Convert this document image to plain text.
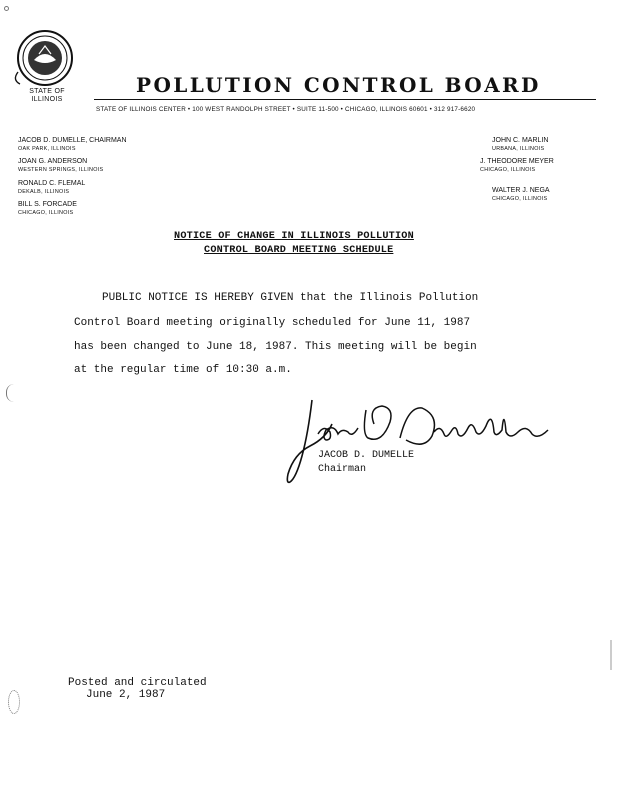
STATE OF ILLINOIS
POLLUTION CONTROL BOARD
STATE OF ILLINOIS CENTER • 100 WEST RANDOLPH STREET • SUITE 11-500 • CHICAGO, ILLINOIS 60601 • 312 917-6620
JACOB D. DUMELLE, CHAIRMAN
OAK PARK, ILLINOIS
JOAN G. ANDERSON
WESTERN SPRINGS, ILLINOIS
RONALD C. FLEMAL
DEKALB, ILLINOIS
BILL S. FORCADE
CHICAGO, ILLINOIS
JOHN C. MARLIN
URBANA, ILLINOIS
J. THEODORE MEYER
CHICAGO, ILLINOIS
WALTER J. NEGA
CHICAGO, ILLINOIS
NOTICE OF CHANGE IN ILLINOIS POLLUTION
CONTROL BOARD MEETING SCHEDULE
PUBLIC NOTICE IS HEREBY GIVEN that the Illinois Pollution
Control Board meeting originally scheduled for June 11, 1987
has been changed to June 18, 1987. This meeting will be begin
at the regular time of 10:30 a.m.
JACOB D. DUMELLE
Chairman
Posted and circulated
June 2, 1987
